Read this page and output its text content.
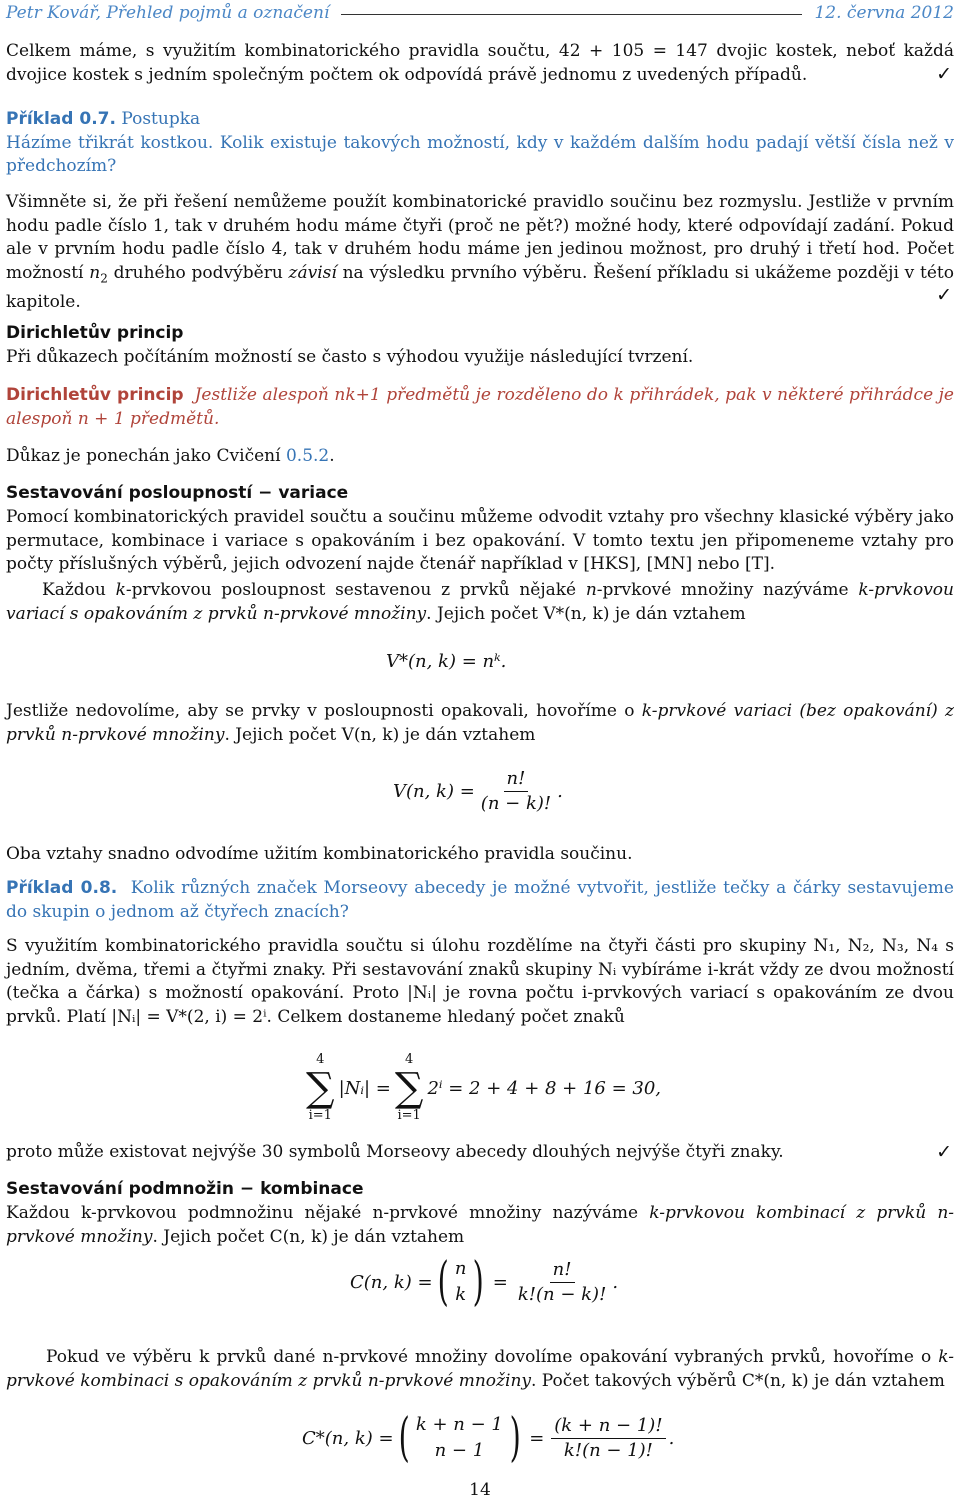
Petr Kovář, Přehled pojmů a označení	12. června 2012
Celkem máme, s využitím kombinatorického pravidla součtu, 42 + 105 = 147 dvojic kostek, neboť každá dvojice kostek s jedním společným počtem ok odpovídá právě jednomu z uvedených případů.	✓
Příklad 0.7. Postupka
Házíme třikrát kostkou. Kolik existuje takových možností, kdy v každém dalším hodu padají větší čísla než v předchozím?
Všimněte si, že při řešení nemůžeme použít kombinatorické pravidlo součinu bez rozmyslu. Jestliže v prvním hodu padle číslo 1, tak v druhém hodu máme čtyři (proč ne pět?) možné hody, které odpovídají zadání. Pokud ale v prvním hodu padle číslo 4, tak v druhém hodu máme jen jedinou možnost, pro druhý i třetí hod. Počet možností $n_2$ druhého podvýběru závisí na výsledku prvního výběru. Řešení příkladu si ukážeme později v této kapitole.	✓
Dirichletův princip
Při důkazech počítáním možností se často s výhodou využije následující tvrzení.
Dirichletův princip Jestliže alespoň nk+1 předmětů je rozděleno do k přihrádek, pak v některé přihrádce je alespoň n + 1 předmětů.
Důkaz je ponechán jako Cvičení 0.5.2.
Sestavování posloupností − variace
Pomocí kombinatorických pravidel součtu a součinu můžeme odvodit vztahy pro všechny klasické výběry jako permutace, kombinace i variace s opakováním i bez opakování. V tomto textu jen připomeneme vztahy pro počty příslušných výběrů, jejich odvození najde čtenář například v [HKS], [MN] nebo [T].
Každou k-prvkovou posloupnost sestavenou z prvků nějaké n-prvkové množiny nazýváme k-prvkovou variací s opakováním z prvků n-prvkové množiny. Jejich počet V*(n, k) je dán vztahem
V*(n, k) = nᵏ.
Jestliže nedovolíme, aby se prvky v posloupnosti opakovali, hovoříme o k-prvkové variaci (bez opakování) z prvků n-prvkové množiny. Jejich počet V(n, k) je dán vztahem
V(n, $k) = \frac{n!}{(n - k)!}$ .
Oba vztahy snadno odvodíme užitím kombinatorického pravidla součinu.
Příklad 0.8. Kolik různých značek Morseovy abecedy je možné vytvořit, jestliže tečky a čárky sestavujeme do skupin o jednom až čtyřech znacích?
S využitím kombinatorického pravidla součtu si úlohu rozdělíme na čtyři části pro skupiny N₁, N₂, N₃, N₄ s jedním, dvěma, třemi a čtyřmi znaky. Při sestavování znaků skupiny Nᵢ vybíráme i-krát vždy ze dvou možností (tečka a čárka) s možností opakování. Proto |Nᵢ| je rovna počtu i-prvkových variací s opakováním ze dvou prvků. Platí |Nᵢ| = V*(2, i) = 2ⁱ. Celkem dostaneme hledaný počet znaků
4
∑
i=1
|Nᵢ| =
4
∑
i=1
2ⁱ = 2 + 4 + 8 + 16 = 30,
proto může existovat nejvýše 30 symbolů Morseovy abecedy dlouhých nejvýše čtyři znaky.	✓
Sestavování podmnožin − kombinace
Každou k-prvkovou podmnožinu nějaké n-prvkové množiny nazýváme k-prvkovou kombinací z prvků n-prvkové množiny. Jejich počet C(n, k) je dán vztahem
C(n, k) = ( n
k ) = $\frac{n!}{k!(n - k)!}$ .
Pokud ve výběru k prvků dané n-prvkové množiny dovolíme opakování vybraných prvků, hovoříme o k-prvkové kombinaci s opakováním z prvků n-prvkové množiny. Počet takových výběrů C*(n, k) je dán vztahem
C*(n, k) = ( k + n − 1
n − 1 ) = $\frac{(k + n - 1)!}{k!(n - 1)!}$ .
14
